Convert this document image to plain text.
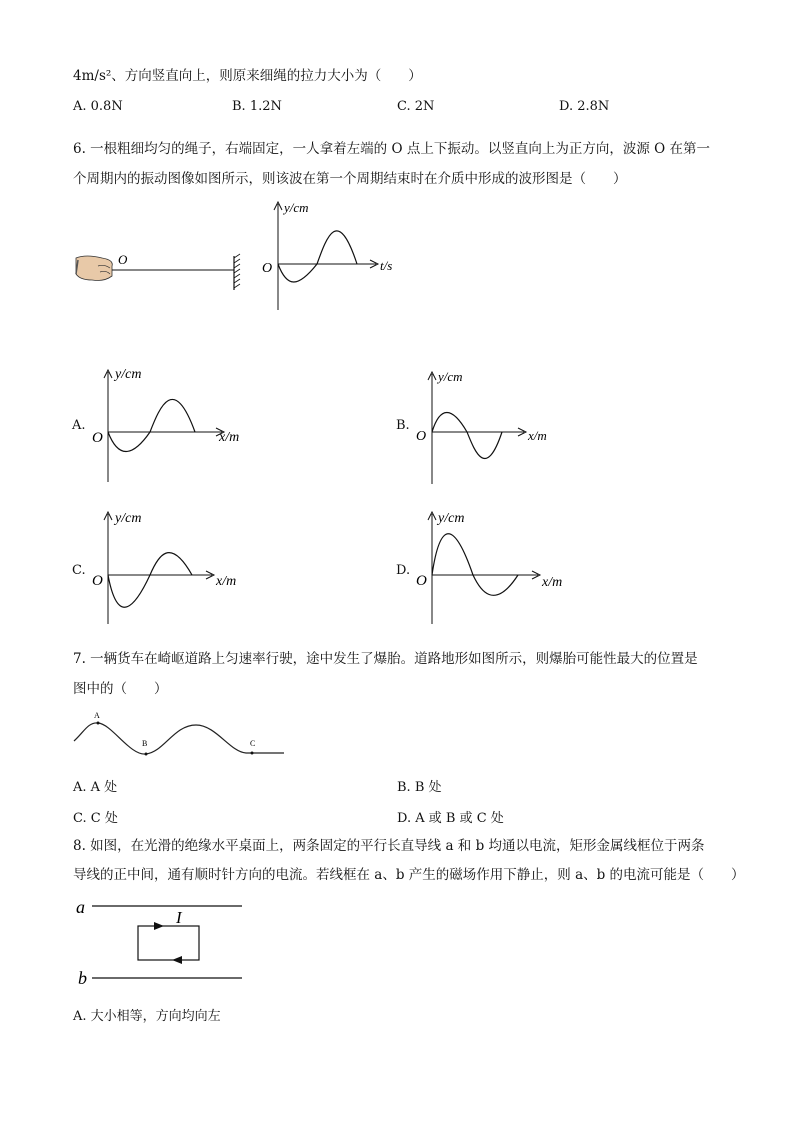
4m/s²、方向竖直向上，则原来细绳的拉力大小为（　　）
A. 0.8N	B. 1.2N	C. 2N	D. 2.8N
6. 一根粗细均匀的绳子，右端固定，一人拿着左端的 O 点上下振动。以竖直向上为正方向，波源 O 在第一
个周期内的振动图像如图所示，则该波在第一个周期结束时在介质中形成的波形图是（　　）
O
O
y/cm
t/s
A.
O
y/cm
x/m
B.
O
y/cm
x/m
C.
O
y/cm
x/m
D.
O
y/cm
x/m
7. 一辆货车在崎岖道路上匀速率行驶，途中发生了爆胎。道路地形如图所示，则爆胎可能性最大的位置是
图中的（　　）
A
B	C
A. A 处	B. B 处
C. C 处	D. A 或 B 或 C 处
8. 如图，在光滑的绝缘水平桌面上，两条固定的平行长直导线 a 和 b 均通以电流，矩形金属线框位于两条
导线的正中间，通有顺时针方向的电流。若线框在 a、b 产生的磁场作用下静止，则 a、b 的电流可能是（　　）
a
b
I
A. 大小相等，方向均向左
